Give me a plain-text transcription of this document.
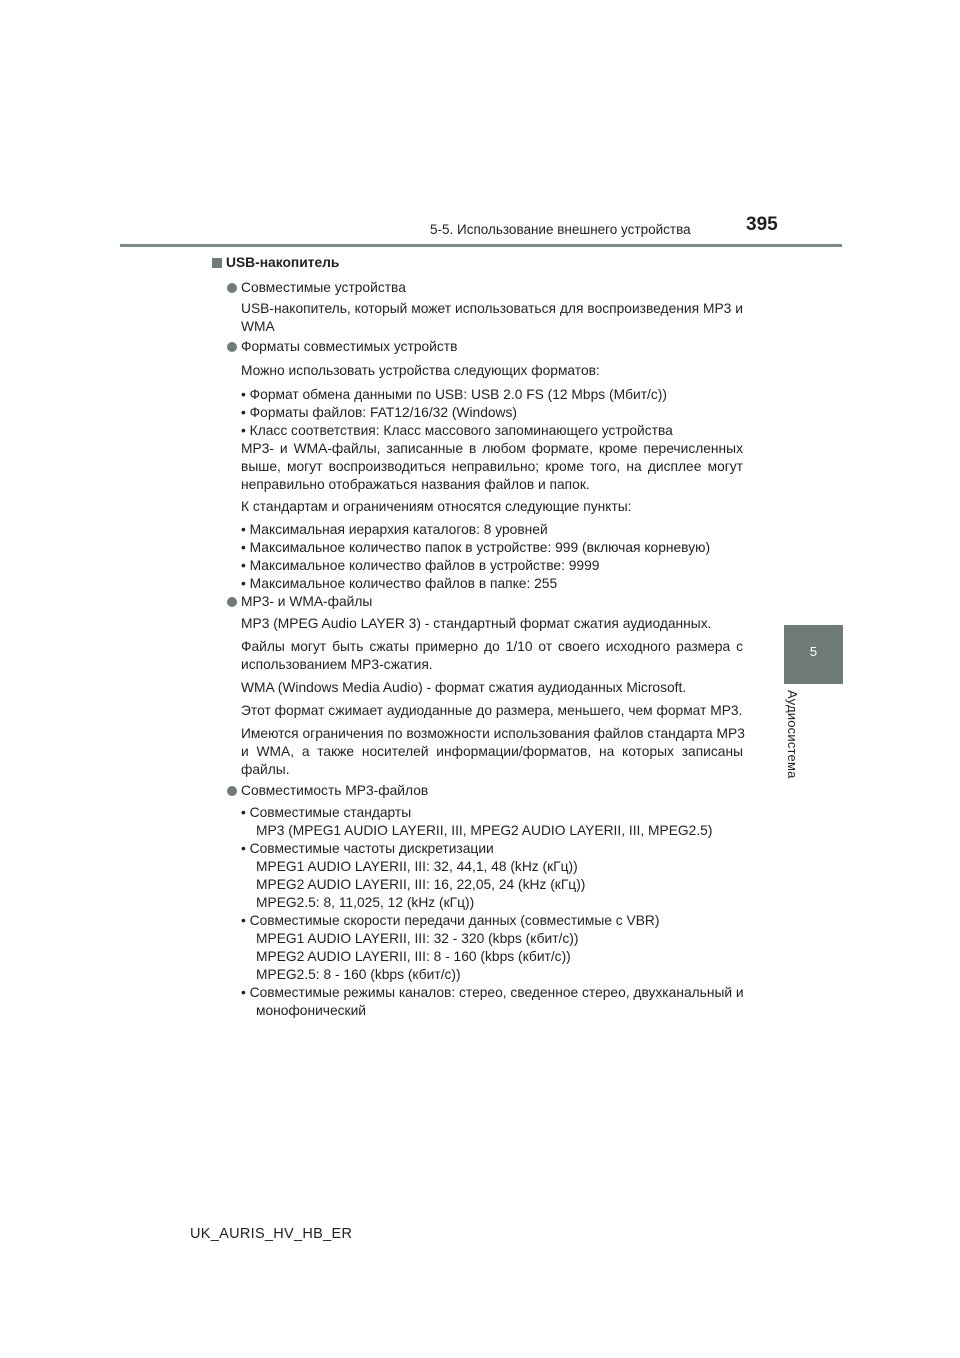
5-5. Использование внешнего устройства	395
5
Аудиосистема
USB-накопитель
Совместимые устройства
USB-накопитель, который может использоваться для воспроизведения MP3 и
WMA
Форматы совместимых устройств
Можно использовать устройства следующих форматов:
• Формат обмена данными по USB: USB 2.0 FS (12 Mbps (Мбит/с))
• Форматы файлов: FAT12/16/32 (Windows)
• Класс соответствия: Класс массового запоминающего устройства
MP3- и WMA-файлы, записанные в любом формате, кроме перечисленных
выше, могут воспроизводиться неправильно; кроме того, на дисплее могут
неправильно отображаться названия файлов и папок.
К стандартам и ограничениям относятся следующие пункты:
• Максимальная иерархия каталогов: 8 уровней
• Максимальное количество папок в устройстве: 999 (включая корневую)
• Максимальное количество файлов в устройстве: 9999
• Максимальное количество файлов в папке: 255
MP3- и WMA-файлы
MP3 (MPEG Audio LAYER 3) - стандартный формат сжатия аудиоданных.
Файлы могут быть сжаты примерно до 1/10 от своего исходного размера с
использованием MP3-сжатия.
WMA (Windows Media Audio) - формат сжатия аудиоданных Microsoft.
Этот формат сжимает аудиоданные до размера, меньшего, чем формат MP3.
Имеются ограничения по возможности использования файлов стандарта MP3
и WMA, а также носителей информации/форматов, на которых записаны
файлы.
Совместимость MP3-файлов
• Совместимые стандарты
MP3 (MPEG1 AUDIO LAYERII, III, MPEG2 AUDIO LAYERII, III, MPEG2.5)
• Совместимые частоты дискретизации
MPEG1 AUDIO LAYERII, III: 32, 44,1, 48 (kHz (кГц))
MPEG2 AUDIO LAYERII, III: 16, 22,05, 24 (kHz (кГц))
MPEG2.5: 8, 11,025, 12 (kHz (кГц))
• Совместимые скорости передачи данных (совместимые с VBR)
MPEG1 AUDIO LAYERII, III: 32 - 320 (kbps (кбит/с))
MPEG2 AUDIO LAYERII, III: 8 - 160 (kbps (кбит/с))
MPEG2.5: 8 - 160 (kbps (кбит/с))
• Совместимые режимы каналов: стерео, сведенное стерео, двухканальный и
монофонический
UK_AURIS_HV_HB_ER
